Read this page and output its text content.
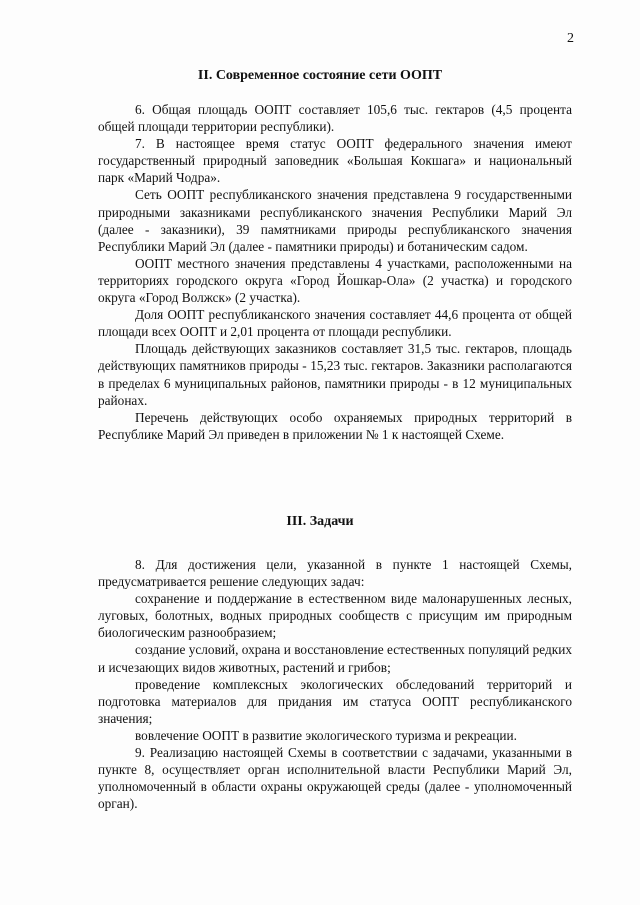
2
II. Современное состояние сети ООПТ

6. Общая площадь ООПТ составляет 105,6 тыс. гектаров (4,5 процента общей площади территории республики).

7. В настоящее время статус ООПТ федерального значения имеют государственный природный заповедник «Большая Кокшага» и национальный парк «Марий Чодра».

Сеть ООПТ республиканского значения представлена 9 государственными природными заказниками республиканского значения Республики Марий Эл (далее - заказники), 39 памятниками природы республиканского значения Республики Марий Эл (далее - памятники природы) и ботаническим садом.

ООПТ местного значения представлены 4 участками, расположенными на территориях городского округа «Город Йошкар-Ола» (2 участка) и городского округа «Город Волжск» (2 участка).

Доля ООПТ республиканского значения составляет 44,6 процента от общей площади всех ООПТ и 2,01 процента от площади республики.

Площадь действующих заказников составляет 31,5 тыс. гектаров, площадь действующих памятников природы - 15,23 тыс. гектаров. Заказники располагаются в пределах 6 муниципальных районов, памятники природы - в 12 муниципальных районах.

Перечень действующих особо охраняемых природных территорий в Республике Марий Эл приведен в приложении № 1 к настоящей Схеме.

III. Задачи

8. Для достижения цели, указанной в пункте 1 настоящей Схемы, предусматривается решение следующих задач:

сохранение и поддержание в естественном виде малонарушенных лесных, луговых, болотных, водных природных сообществ с присущим им природным биологическим разнообразием;

создание условий, охрана и восстановление естественных популяций редких и исчезающих видов животных, растений и грибов;

проведение комплексных экологических обследований территорий и подготовка материалов для придания им статуса ООПТ республиканского значения;

вовлечение ООПТ в развитие экологического туризма и рекреации.

9. Реализацию настоящей Схемы в соответствии с задачами, указанными в пункте 8, осуществляет орган исполнительной власти Республики Марий Эл, уполномоченный в области охраны окружающей среды (далее - уполномоченный орган).
